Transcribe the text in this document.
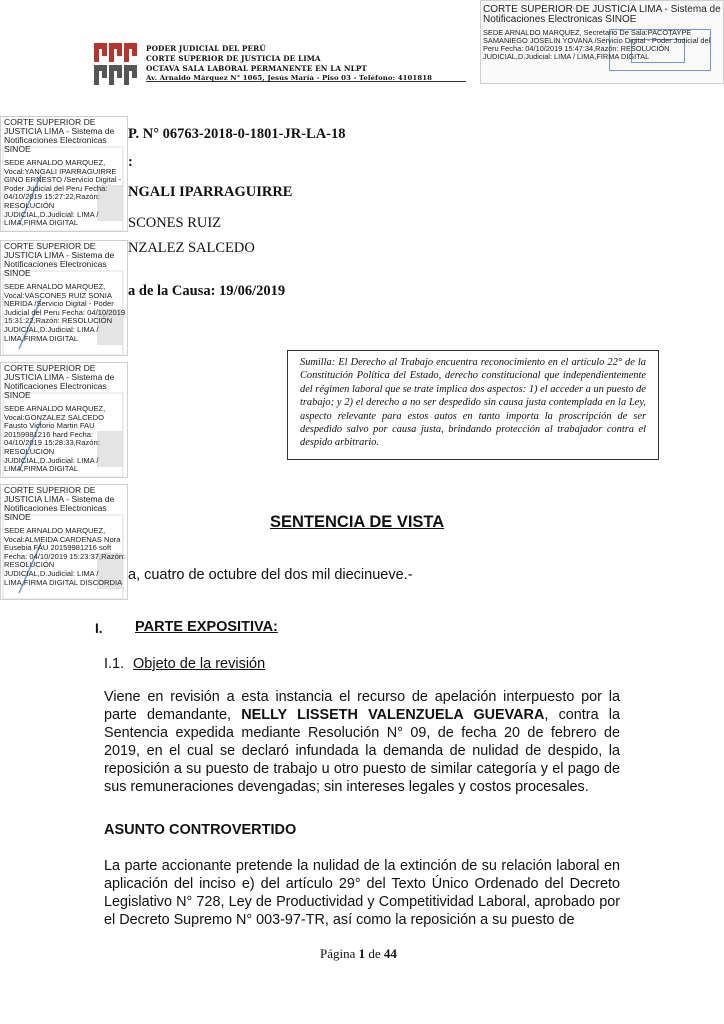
PODER JUDICIAL DEL PERÚ
CORTE SUPERIOR DE JUSTICIA DE LIMA
OCTAVA SALA LABORAL PERMANENTE EN LA NLPT
Av. Arnaldo Márquez N° 1065, Jesús María - Piso 03 - Teléfono: 4101818
CORTE SUPERIOR DE JUSTICIA LIMA - Sistema de Notificaciones Electronicas SINOE
SEDE ARNALDO MARQUEZ, Secretario De Sala:PACOTAYPE SAMANIEGO JOSELIN YOVANA /Servicio Digital - Poder Judicial del Peru Fecha: 04/10/2019 15:47:34,Razón: RESOLUCIÓN JUDICIAL,D.Judicial: LIMA / LIMA,FIRMA DIGITAL
CORTE SUPERIOR DE JUSTICIA LIMA - Sistema de Notificaciones Electronicas SINOE
SEDE ARNALDO MARQUEZ, Vocal:YANGALI IPARRAGUIRRE GINO ERNESTO /Servicio Digital - Poder Judicial del Peru Fecha: 04/10/2019 15:27:22,Razón: RESOLUCIÓN JUDICIAL,D.Judicial: LIMA / LIMA,FIRMA DIGITAL
CORTE SUPERIOR DE JUSTICIA LIMA - Sistema de Notificaciones Electronicas SINOE
SEDE ARNALDO MARQUEZ, Vocal:VASCONES RUIZ SONIA NERIDA /Servicio Digital - Poder Judicial del Peru Fecha: 04/10/2019 15:31:22,Razón: RESOLUCIÓN JUDICIAL,D.Judicial: LIMA / LIMA,FIRMA DIGITAL
CORTE SUPERIOR DE JUSTICIA LIMA - Sistema de Notificaciones Electronicas SINOE
SEDE ARNALDO MARQUEZ, Vocal:GONZALEZ SALCEDO Fausto Victorio Martin FAU 20159981216 hard Fecha: 04/10/2019 15:28:33,Razón: RESOLUCIÓN JUDICIAL,D.Judicial: LIMA / LIMA,FIRMA DIGITAL
CORTE SUPERIOR DE JUSTICIA LIMA - Sistema de Notificaciones Electronicas SINOE
SEDE ARNALDO MARQUEZ, Vocal:ALMEIDA CARDENAS Nora Eusebia FAU 20159981216 soft Fecha: 04/10/2019 15:23:37,Razón: RESOLUCIÓN JUDICIAL,D.Judicial: LIMA / LIMA,FIRMA DIGITAL DISCORDIA
P. N° 06763-2018-0-1801-JR-LA-18
:
NGALI IPARRAGUIRRE
SCONES RUIZ
NZALEZ SALCEDO
a de la Causa: 19/06/2019
Sumilla: El Derecho al Trabajo encuentra reconocimiento en el artículo 22° de la Constitución Política del Estado, derecho constitucional que independientemente del régimen laboral que se trate implica dos aspectos: 1) el acceder a un puesto de trabajo; y 2) el derecho a no ser despedido sin causa justa contemplada en la Ley, aspecto relevante para estos autos en tanto importa la proscripción de ser despedido salvo por causa justa, brindando protección al trabajador contra el despido arbitrario.
SENTENCIA DE VISTA
a, cuatro de octubre del dos mil diecinueve.-
I. PARTE EXPOSITIVA:
I.1. Objeto de la revisión
Viene en revisión a esta instancia el recurso de apelación interpuesto por la parte demandante, NELLY LISSETH VALENZUELA GUEVARA, contra la Sentencia expedida mediante Resolución N° 09, de fecha 20 de febrero de 2019, en el cual se declaró infundada la demanda de nulidad de despido, la reposición a su puesto de trabajo u otro puesto de similar categoría y el pago de sus remuneraciones devengadas; sin intereses legales y costos procesales.
ASUNTO CONTROVERTIDO
La parte accionante pretende la nulidad de la extinción de su relación laboral en aplicación del inciso e) del artículo 29° del Texto Único Ordenado del Decreto Legislativo N° 728, Ley de Productividad y Competitividad Laboral, aprobado por el Decreto Supremo N° 003-97-TR, así como la reposición a su puesto de
Página 1 de 44
